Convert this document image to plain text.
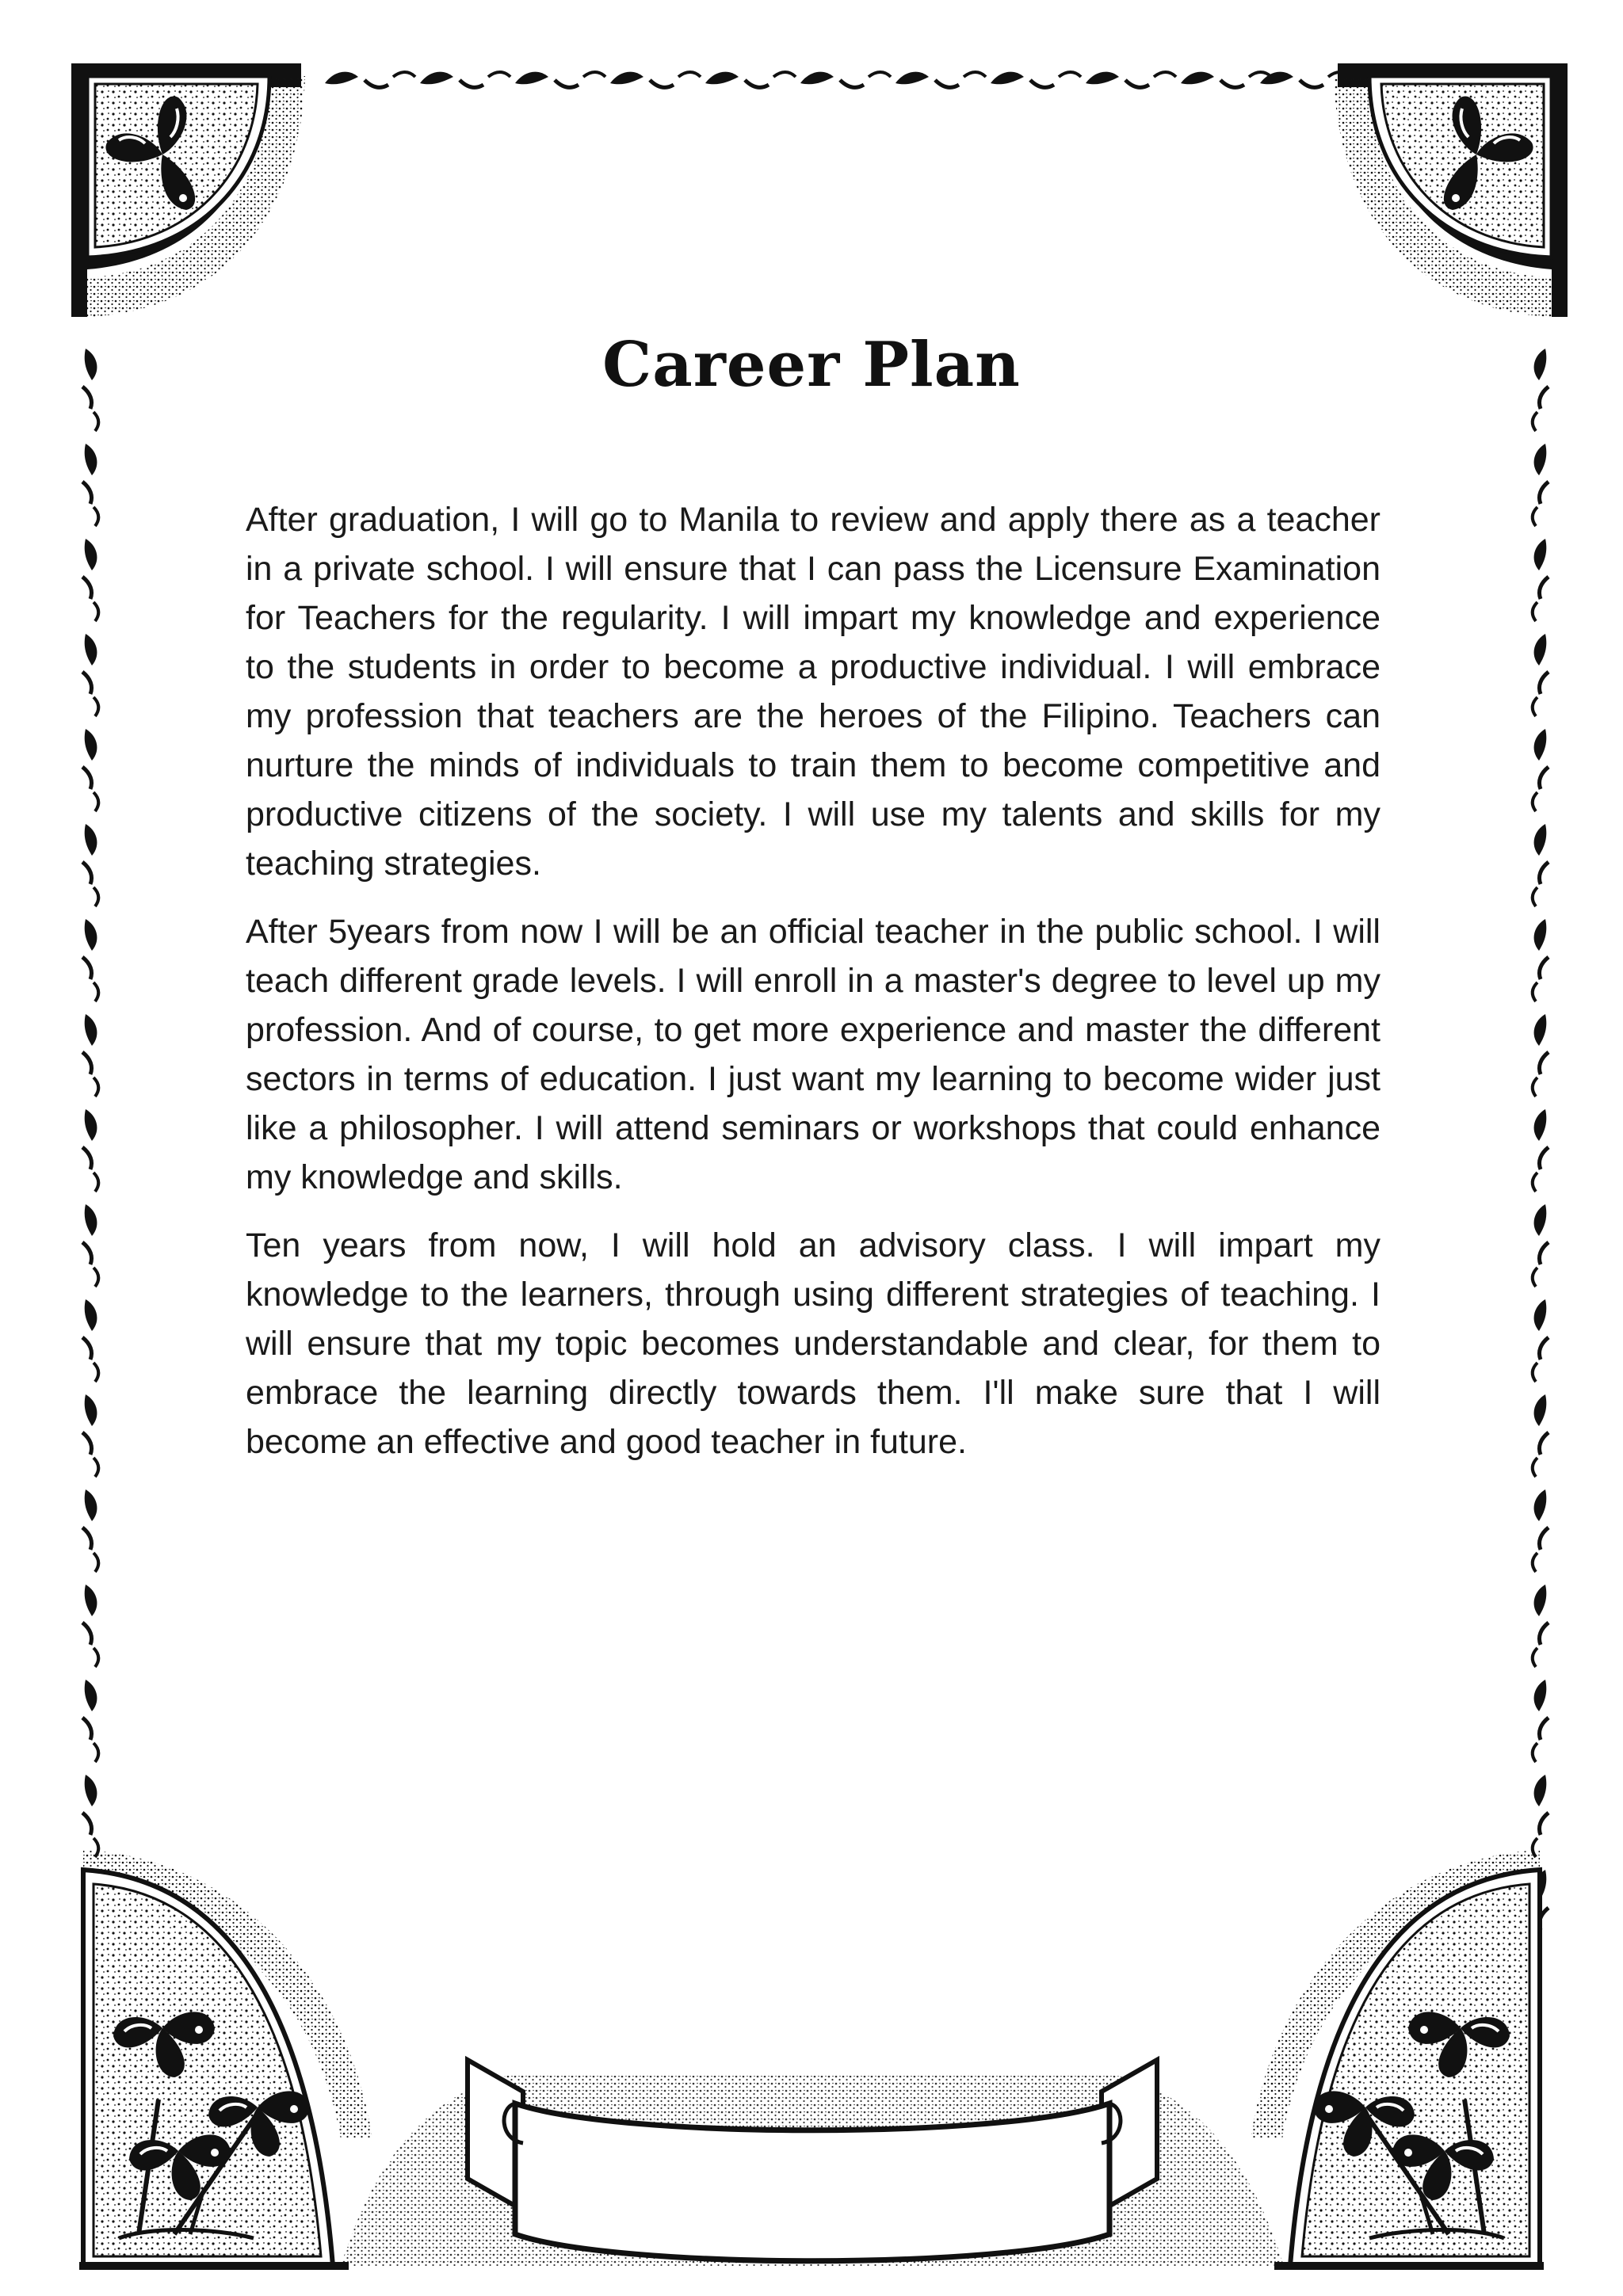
Career Plan

After graduation, I will go to Manila to review and apply there as a teacher in a private school. I will ensure that I can pass the Licensure Examination for Teachers for the regularity. I will impart my knowledge and experience to the students in order to become a productive individual. I will embrace my profession that teachers are the heroes of the Filipino. Teachers can nurture the minds of individuals to train them to become competitive and productive citizens of the society. I will use my talents and skills for my teaching strategies.

After 5years from now I will be an official teacher in the public school. I will teach different grade levels. I will enroll in a master's degree to level up my profession. And of course, to get more experience and master the different sectors in terms of education. I just want my learning to become wider just like a philosopher. I will attend seminars or workshops that could enhance my knowledge and skills.

Ten years from now, I will hold an advisory class. I will impart my knowledge to the learners, through using different strategies of teaching. I will ensure that my topic becomes understandable and clear, for them to embrace the learning directly towards them. I'll make sure that I will become an effective and good teacher in future.
